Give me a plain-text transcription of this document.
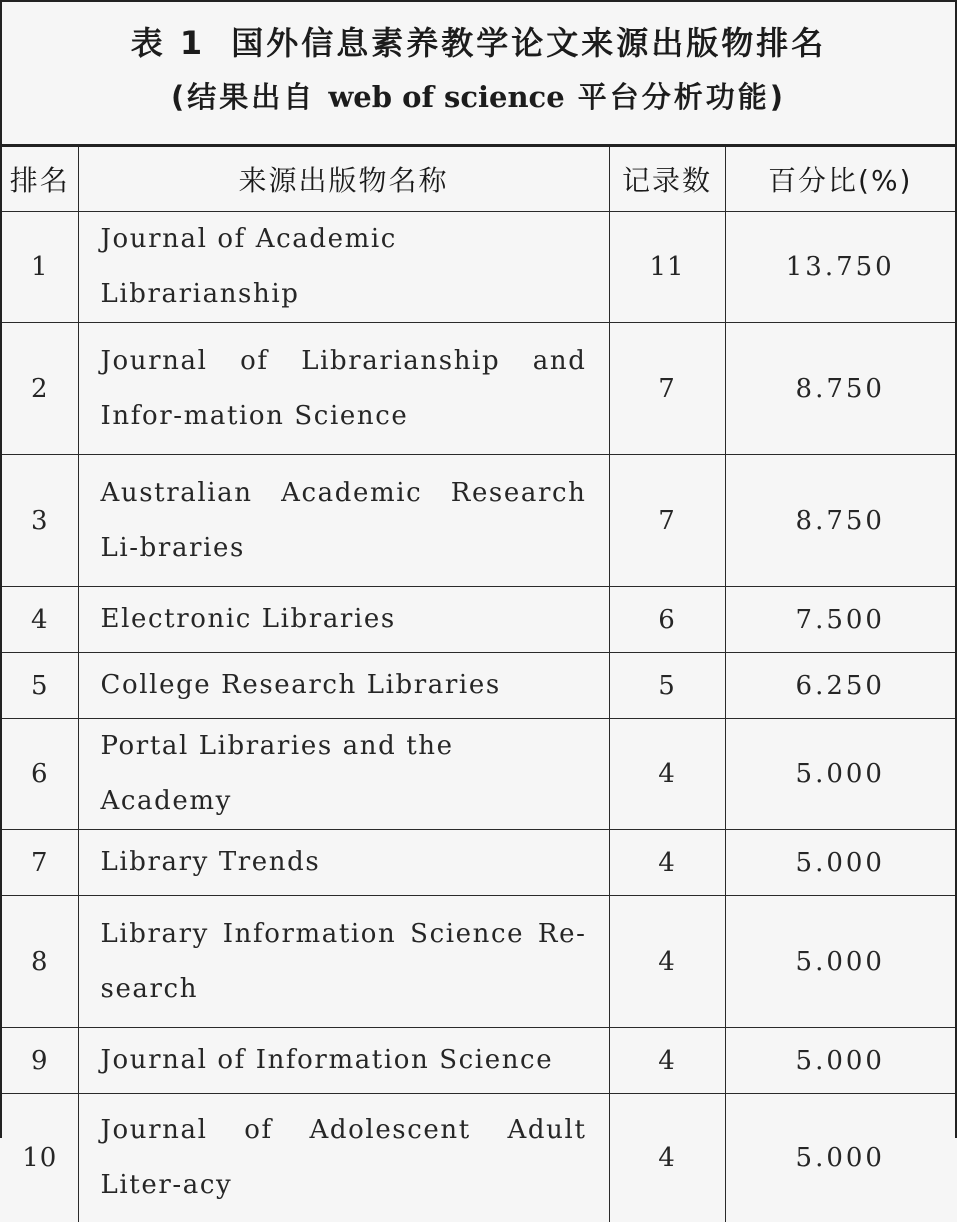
表 1 国外信息素养教学论文来源出版物排名
(结果出自 web of science 平台分析功能)
排名	来源出版物名称	记录数	百分比(%)
1	Journal of Academic Librarianship	11	13.750
2	Journal of Librarianship and Infor-mation Science	7	8.750
3	Australian Academic Research Li-braries	7	8.750
4	Electronic Libraries	6	7.500
5	College Research Libraries	5	6.250
6	Portal Libraries and the Academy	4	5.000
7	Library Trends	4	5.000
8	Library Information Science Re-search	4	5.000
9	Journal of Information Science	4	5.000
10	Journal of Adolescent Adult Liter-acy	4	5.000
